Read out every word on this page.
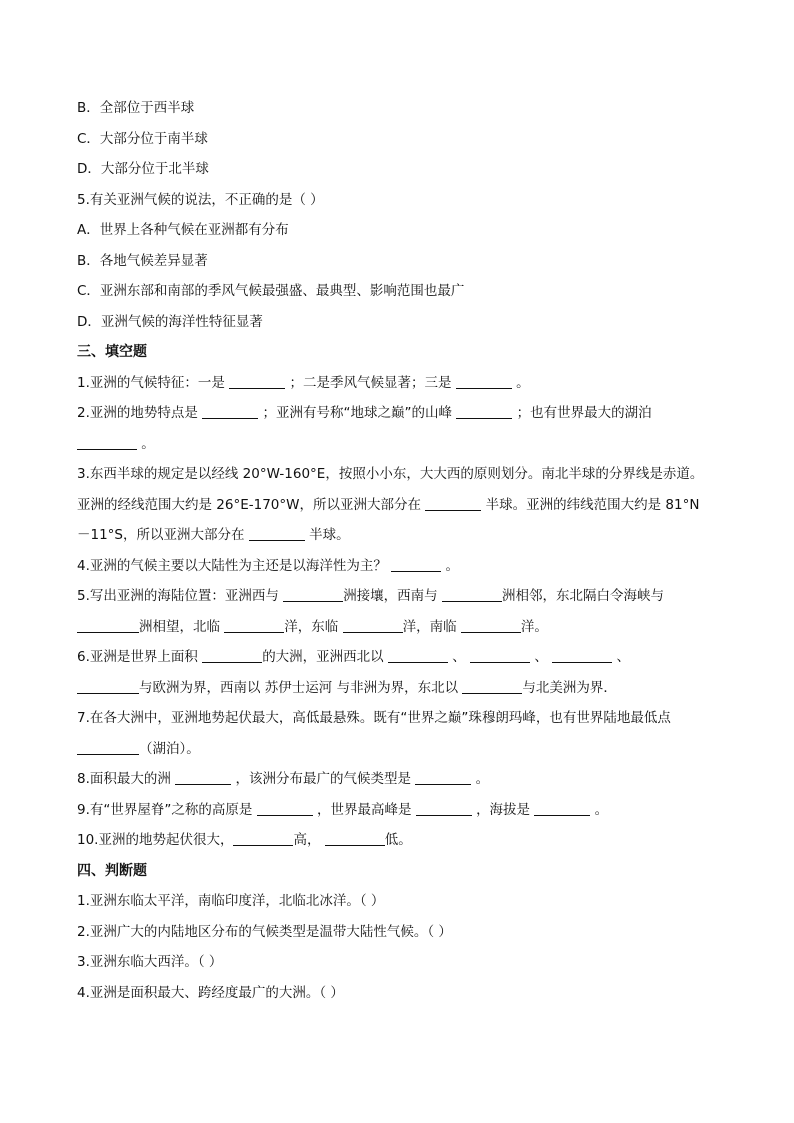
B．全部位于西半球
C．大部分位于南半球
D．大部分位于北半球
5.有关亚洲气候的说法，不正确的是（ ）
A．世界上各种气候在亚洲都有分布
B．各地气候差异显著
C．亚洲东部和南部的季风气候最强盛、最典型、影响范围也最广
D．亚洲气候的海洋性特征显著
三、填空题
1.亚洲的气候特征：一是	；二是季风气候显著；三是	。
2.亚洲的地势特点是	；亚洲有号称“地球之巅”的山峰	；也有世界最大的湖泊
。
3.东西半球的规定是以经线 20°W-160°E，按照小小东，大大西的原则划分。南北半球的分界线是赤道。
亚洲的经线范围大约是 26°E-170°W，所以亚洲大部分在	半球。亚洲的纬线范围大约是 81°N
－11°S，所以亚洲大部分在	半球。
4.亚洲的气候主要以大陆性为主还是以海洋性为主？	。
5.写出亚洲的海陆位置：亚洲西与	洲接壤，西南与	洲相邻，东北隔白令海峡与
洲相望，北临	洋，东临	洋，南临	洋。
6.亚洲是世界上面积	的大洲，亚洲西北以	、	、	、
与欧洲为界，西南以 苏伊士运河 与非洲为界，东北以	与北美洲为界．
7.在各大洲中，亚洲地势起伏最大，高低最悬殊。既有“世界之巅”珠穆朗玛峰，也有世界陆地最低点
（湖泊）。
8.面积最大的洲	，该洲分布最广的气候类型是	。
9.有“世界屋脊”之称的高原是	，世界最高峰是	，海拔是	。
10.亚洲的地势起伏很大，	高，	低。
四、判断题
1.亚洲东临太平洋，南临印度洋，北临北冰洋。（ ）
2.亚洲广大的内陆地区分布的气候类型是温带大陆性气候。（ ）
3.亚洲东临大西洋。（ ）
4.亚洲是面积最大、跨经度最广的大洲。（ ）
